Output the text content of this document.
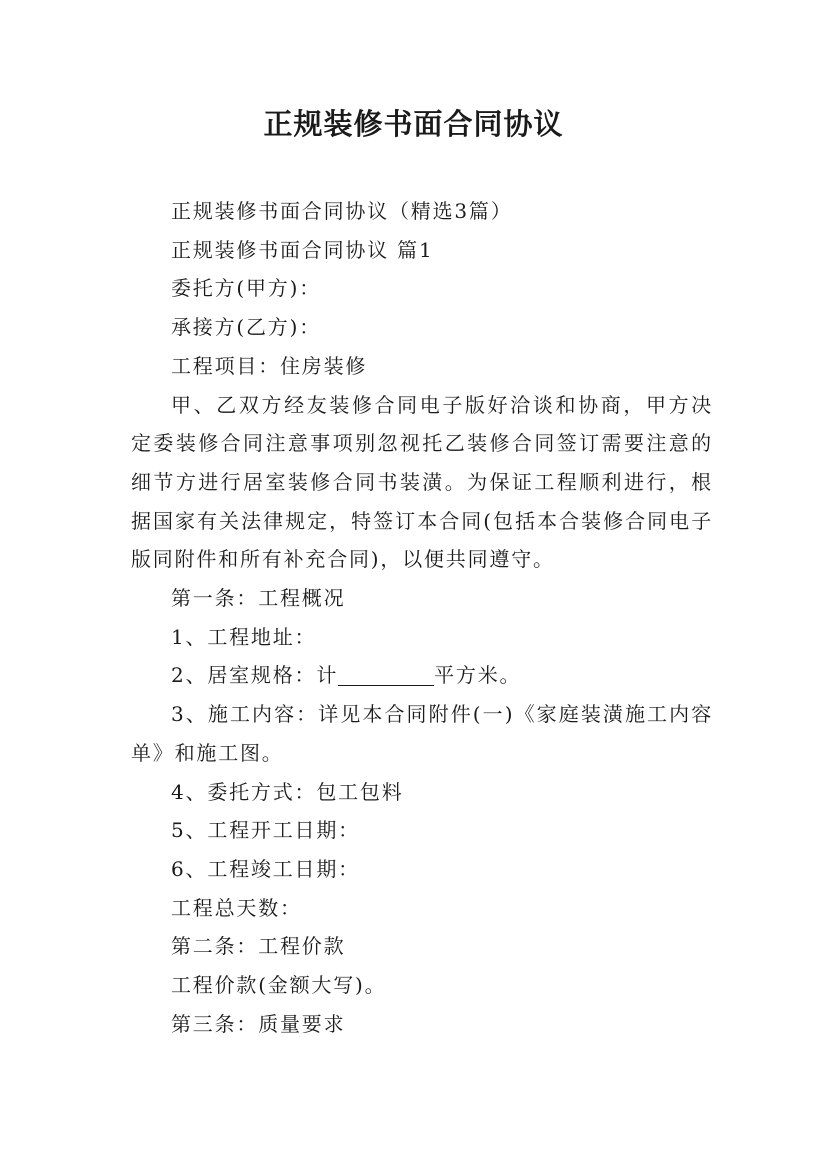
正规装修书面合同协议

正规装修书面合同协议（精选3篇）

正规装修书面合同协议 篇1

委托方(甲方)：

承接方(乙方)：

工程项目：住房装修

甲、乙双方经友装修合同电子版好洽谈和协商，甲方决定委装修合同注意事项别忽视托乙装修合同签订需要注意的细节方进行居室装修合同书装潢。为保证工程顺利进行，根据国家有关法律规定，特签订本合同(包括本合装修合同电子版同附件和所有补充合同)，以便共同遵守。

第一条：工程概况

1、工程地址：

2、居室规格：计	平方米。

3、施工内容：详见本合同附件(一)《家庭装潢施工内容单》和施工图。

4、委托方式：包工包料

5、工程开工日期：

6、工程竣工日期：

工程总天数：

第二条：工程价款

工程价款(金额大写)。

第三条：质量要求
